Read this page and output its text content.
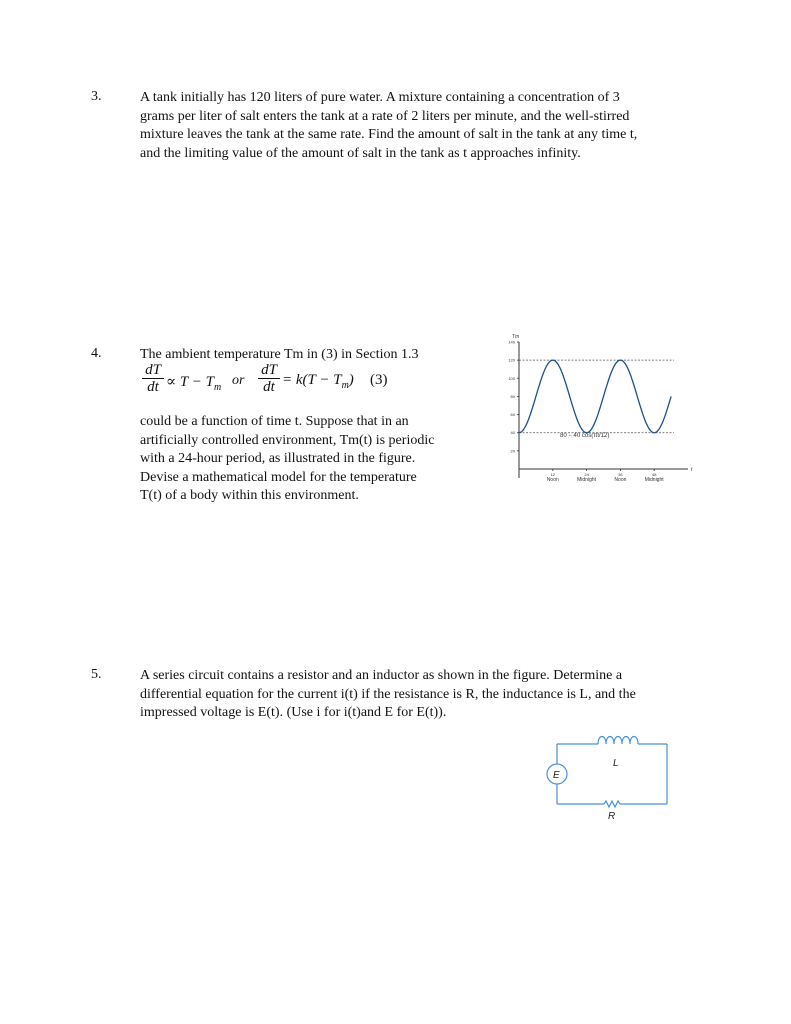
3.	A tank initially has 120 liters of pure water. A mixture containing a concentration of 3
grams per liter of salt enters the tank at a rate of 2 liters per minute, and the well-stirred
mixture leaves the tank at the same rate. Find the amount of salt in the tank at any time t,
and the limiting value of the amount of salt in the tank as t approaches infinity.
4.	The ambient temperature Tm in (3) in Section 1.3
dT
dt ∝ $T - T_m$ or
dT
dt = $k(T - T_m)$ (3)
could be a function of time t. Suppose that in an
artificially controlled environment, Tm(t) is periodic
with a 24-hour period, as illustrated in the figure.
Devise a mathematical model for the temperature
T(t) of a body within this environment.
Tm
t
20
40
60
80
100
120
140
12
Noon
24
Midnight
36
Noon
48
Midnight
80 − 40 cos(πt/12)
5.	A series circuit contains a resistor and an inductor as shown in the figure. Determine a
differential equation for the current i(t) if the resistance is R, the inductance is L, and the
impressed voltage is E(t). (Use i for i(t)and E for E(t)).
L
E
R
